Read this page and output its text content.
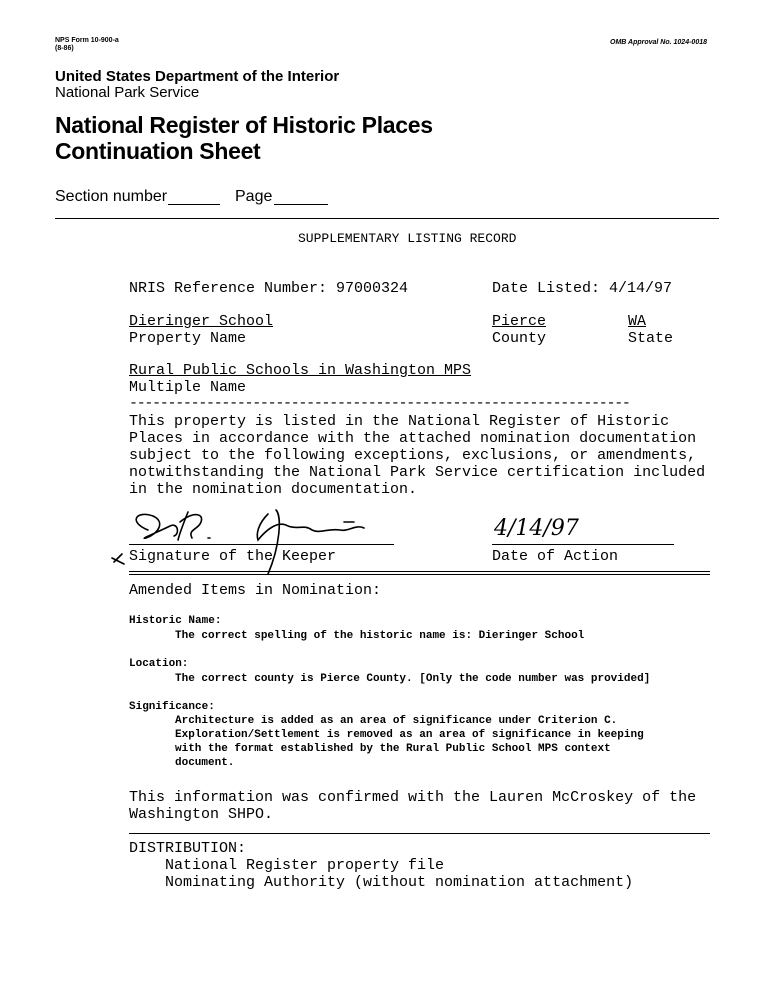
NPS Form 10-900-a
(8-86)
OMB Approval No. 1024-0018
United States Department of the Interior
National Park Service
National Register of Historic Places
Continuation Sheet
Section number	Page
SUPPLEMENTARY LISTING RECORD
NRIS Reference Number: 97000324	Date Listed: 4/14/97
Dieringer School	Pierce	WA
Property Name	County	State
Rural Public Schools in Washington MPS
Multiple Name
-----------------------------------------------------------------
This property is listed in the National Register of Historic
Places in accordance with the attached nomination documentation
subject to the following exceptions, exclusions, or amendments,
notwithstanding the National Park Service certification included
in the nomination documentation.
4/14/97
Signature of the Keeper	Date of Action
Amended Items in Nomination:
Historic Name:
The correct spelling of the historic name is: Dieringer School
Location:
The correct county is Pierce County. [Only the code number was provided]
Significance:
Architecture is added as an area of significance under Criterion C.
Exploration/Settlement is removed as an area of significance in keeping
with the format established by the Rural Public School MPS context
document.
This information was confirmed with the Lauren McCroskey of the
Washington SHPO.
DISTRIBUTION:
National Register property file
Nominating Authority (without nomination attachment)
